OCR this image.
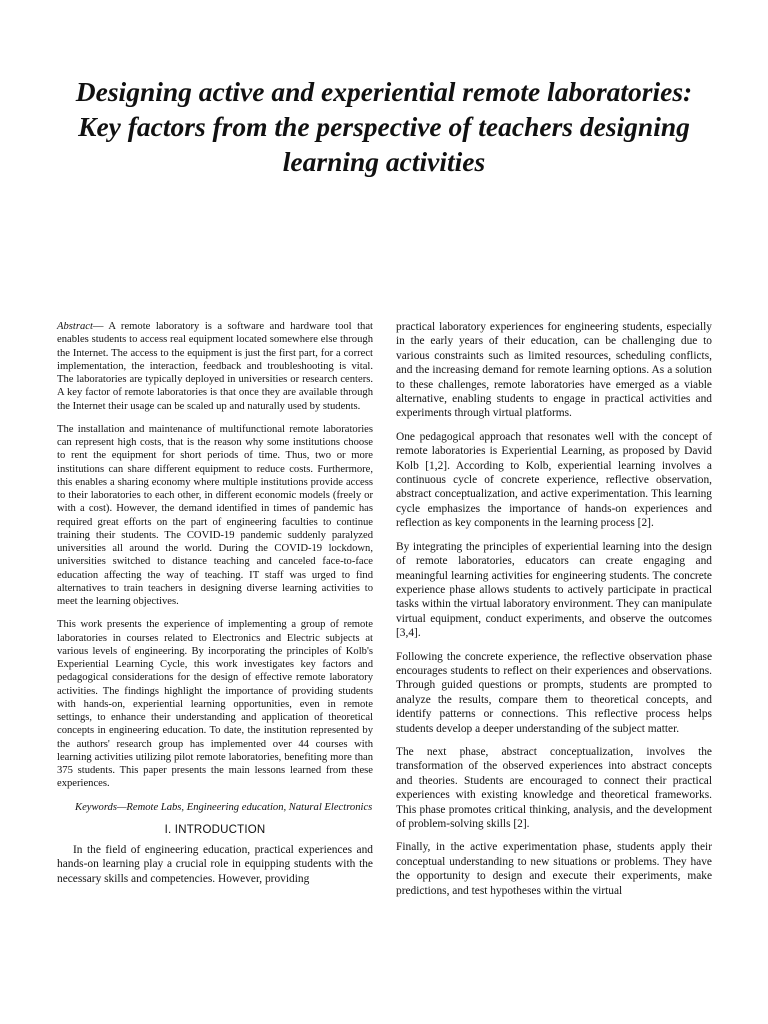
Designing active and experiential remote laboratories: Key factors from the perspective of teachers designing learning activities

Abstract— A remote laboratory is a software and hardware tool that enables students to access real equipment located somewhere else through the Internet. The access to the equipment is just the first part, for a correct implementation, the interaction, feedback and troubleshooting is vital. The laboratories are typically deployed in universities or research centers. A key factor of remote laboratories is that once they are available through the Internet their usage can be scaled up and naturally used by students.

The installation and maintenance of multifunctional remote laboratories can represent high costs, that is the reason why some institutions choose to rent the equipment for short periods of time. Thus, two or more institutions can share different equipment to reduce costs. Furthermore, this enables a sharing economy where multiple institutions provide access to their laboratories to each other, in different economic models (freely or with a cost). However, the demand identified in times of pandemic has required great efforts on the part of engineering faculties to continue training their students. The COVID-19 pandemic suddenly paralyzed universities all around the world. During the COVID-19 lockdown, universities switched to distance teaching and canceled face-to-face education affecting the way of teaching. IT staff was urged to find alternatives to train teachers in designing diverse learning activities to meet the learning objectives.

This work presents the experience of implementing a group of remote laboratories in courses related to Electronics and Electric subjects at various levels of engineering. By incorporating the principles of Kolb's Experiential Learning Cycle, this work investigates key factors and pedagogical considerations for the design of effective remote laboratory activities. The findings highlight the importance of providing students with hands-on, experiential learning opportunities, even in remote settings, to enhance their understanding and application of theoretical concepts in engineering education. To date, the institution represented by the authors' research group has implemented over 44 courses with learning activities utilizing pilot remote laboratories, benefiting more than 375 students. This paper presents the main lessons learned from these experiences.

Keywords—Remote Labs, Engineering education, Natural Electronics

I. INTRODUCTION

In the field of engineering education, practical experiences and hands-on learning play a crucial role in equipping students with the necessary skills and competencies. However, providing

practical laboratory experiences for engineering students, especially in the early years of their education, can be challenging due to various constraints such as limited resources, scheduling conflicts, and the increasing demand for remote learning options. As a solution to these challenges, remote laboratories have emerged as a viable alternative, enabling students to engage in practical activities and experiments through virtual platforms.

One pedagogical approach that resonates well with the concept of remote laboratories is Experiential Learning, as proposed by David Kolb [1,2]. According to Kolb, experiential learning involves a continuous cycle of concrete experience, reflective observation, abstract conceptualization, and active experimentation. This learning cycle emphasizes the importance of hands-on experiences and reflection as key components in the learning process [2].

By integrating the principles of experiential learning into the design of remote laboratories, educators can create engaging and meaningful learning activities for engineering students. The concrete experience phase allows students to actively participate in practical tasks within the virtual laboratory environment. They can manipulate virtual equipment, conduct experiments, and observe the outcomes [3,4].

Following the concrete experience, the reflective observation phase encourages students to reflect on their experiences and observations. Through guided questions or prompts, students are prompted to analyze the results, compare them to theoretical concepts, and identify patterns or connections. This reflective process helps students develop a deeper understanding of the subject matter.

The next phase, abstract conceptualization, involves the transformation of the observed experiences into abstract concepts and theories. Students are encouraged to connect their practical experiences with existing knowledge and theoretical frameworks. This phase promotes critical thinking, analysis, and the development of problem-solving skills [2].

Finally, in the active experimentation phase, students apply their conceptual understanding to new situations or problems. They have the opportunity to design and execute their experiments, make predictions, and test hypotheses within the virtual
